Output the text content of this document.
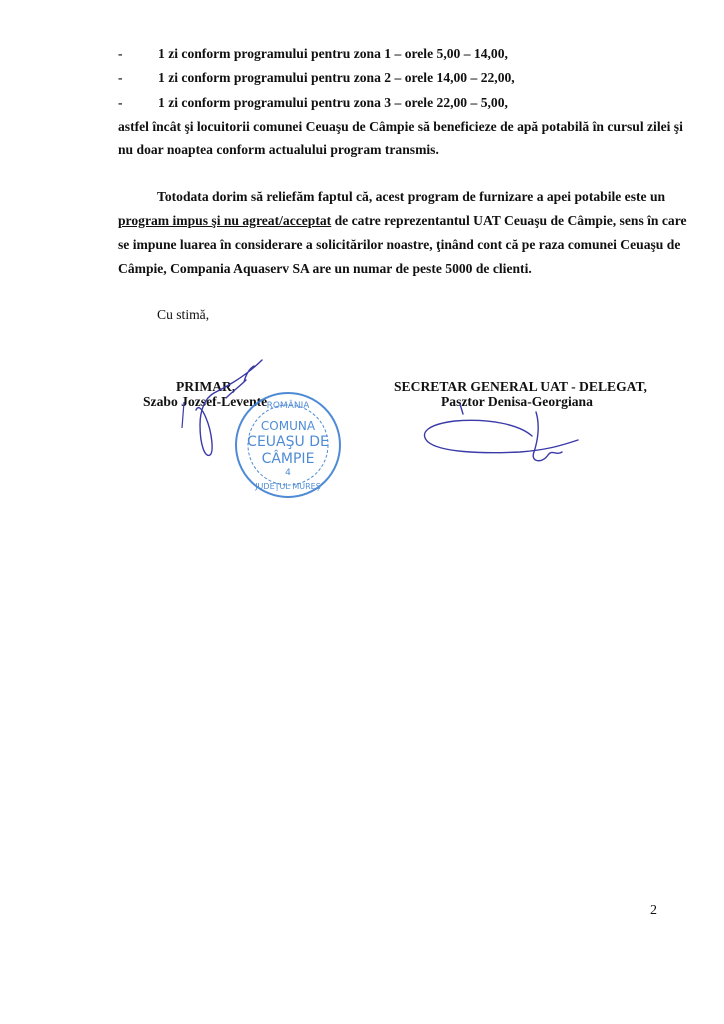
-	1 zi conform programului pentru zona 1 – orele 5,00 – 14,00,
-	1 zi conform programului pentru zona 2 – orele 14,00 – 22,00,
-	1 zi conform programului pentru zona 3 – orele 22,00 – 5,00,
astfel încât şi locuitorii comunei Ceuaşu de Câmpie să beneficieze de apă potabilă în cursul zilei şi
nu doar noaptea conform actualului program transmis.
Totodata dorim să reliefăm faptul că, acest program de furnizare a apei potabile este un
program impus şi nu agreat/acceptat de catre reprezentantul UAT Ceuaşu de Câmpie, sens în care
se impune luarea în considerare a solicitărilor noastre, ţinând cont că pe raza comunei Ceuaşu de
Câmpie, Compania Aquaserv SA are un numar de peste 5000 de clienti.
Cu stimă,
PRIMAR,
Szabo Jozsef-Levente
SECRETAR GENERAL UAT - DELEGAT,
Pasztor Denisa-Georgiana
ROMÂNIA
COMUNA
CEUAŞU DE
CÂMPIE
4
JUDEŢUL MUREŞ
2
